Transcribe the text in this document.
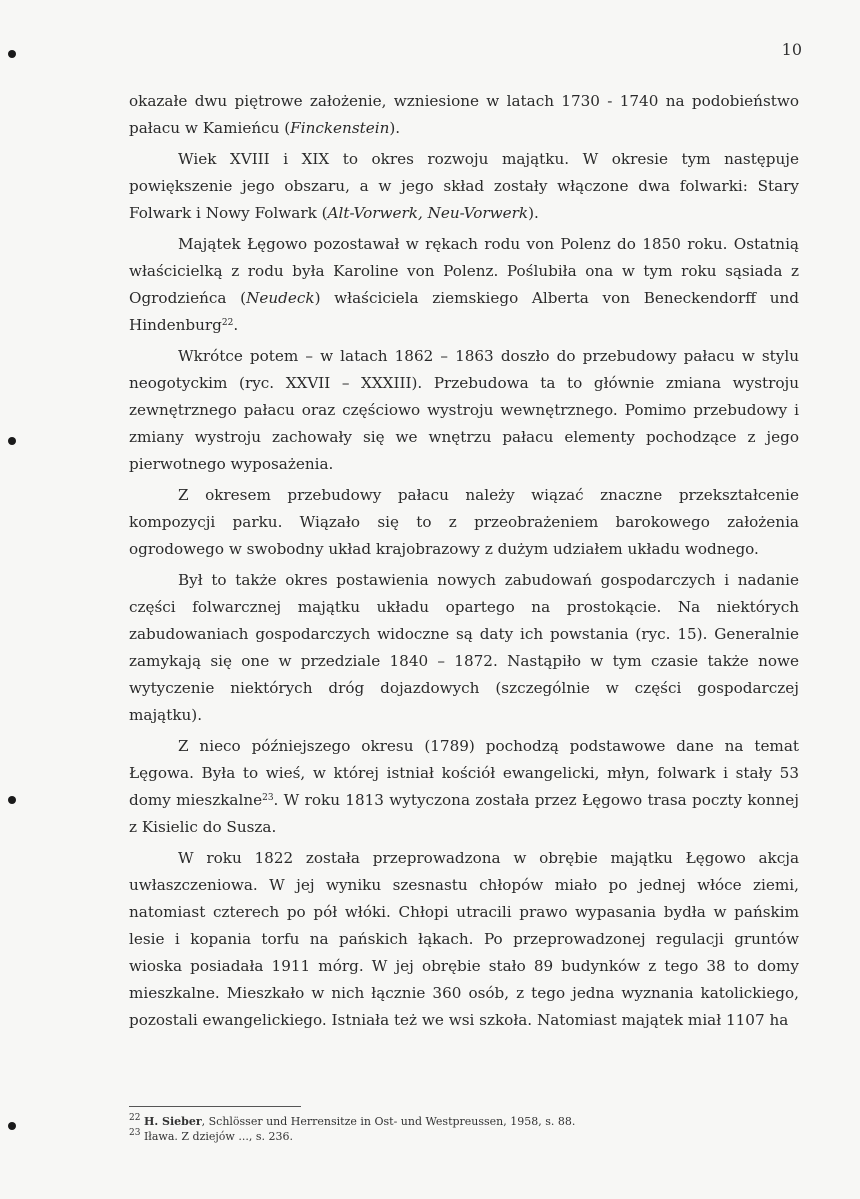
10

okazałe dwu piętrowe założenie, wzniesione w latach 1730 - 1740 na podobieństwo pałacu w Kamieńcu (Finckenstein).

Wiek XVIII i XIX to okres rozwoju majątku. W okresie tym następuje powiększenie jego obszaru, a w jego skład zostały włączone dwa folwarki: Stary Folwark i Nowy Folwark (Alt-Vorwerk, Neu-Vorwerk).

Majątek Łęgowo pozostawał w rękach rodu von Polenz do 1850 roku. Ostatnią właścicielką z rodu była Karoline von Polenz. Poślubiła ona w tym roku sąsiada z Ogrodzieńca (Neudeck) właściciela ziemskiego Alberta von Beneckendorff und Hindenburg$^{22}$.

Wkrótce potem – w latach 1862 – 1863 doszło do przebudowy pałacu w stylu neogotyckim (ryc. XXVII – XXXIII). Przebudowa ta to głównie zmiana wystroju zewnętrznego pałacu oraz częściowo wystroju wewnętrznego. Pomimo przebudowy i zmiany wystroju zachowały się we wnętrzu pałacu elementy pochodzące z jego pierwotnego wyposażenia.

Z okresem przebudowy pałacu należy wiązać znaczne przekształcenie kompozycji parku. Wiązało się to z przeobrażeniem barokowego założenia ogrodowego w swobodny układ krajobrazowy z dużym udziałem układu wodnego.

Był to także okres postawienia nowych zabudowań gospodarczych i nadanie części folwarcznej majątku układu opartego na prostokącie. Na niektórych zabudowaniach gospodarczych widoczne są daty ich powstania (ryc. 15). Generalnie zamykają się one w przedziale 1840 – 1872. Nastąpiło w tym czasie także nowe wytyczenie niektórych dróg dojazdowych (szczególnie w części gospodarczej majątku).

Z nieco późniejszego okresu (1789) pochodzą podstawowe dane na temat Łęgowa. Była to wieś, w której istniał kościół ewangelicki, młyn, folwark i stały 53 domy mieszkalne$^{23}$. W roku 1813 wytyczona została przez Łęgowo trasa poczty konnej z Kisielic do Susza.

W roku 1822 została przeprowadzona w obrębie majątku Łęgowo akcja uwłaszczeniowa. W jej wyniku szesnastu chłopów miało po jednej włóce ziemi, natomiast czterech po pół włóki. Chłopi utracili prawo wypasania bydła w pańskim lesie i kopania torfu na pańskich łąkach. Po przeprowadzonej regulacji gruntów wioska posiadała 1911 mórg. W jej obrębie stało 89 budynków z tego 38 to domy mieszkalne. Mieszkało w nich łącznie 360 osób, z tego jedna wyznania katolickiego, pozostali ewangelickiego. Istniała też we wsi szkoła. Natomiast majątek miał 1107 ha

$^{22}$ H. Sieber, Schlösser und Herrensitze in Ost- und Westpreussen, 1958, s. 88.
$^{23}$ Iława. Z dziejów ..., s. 236.
